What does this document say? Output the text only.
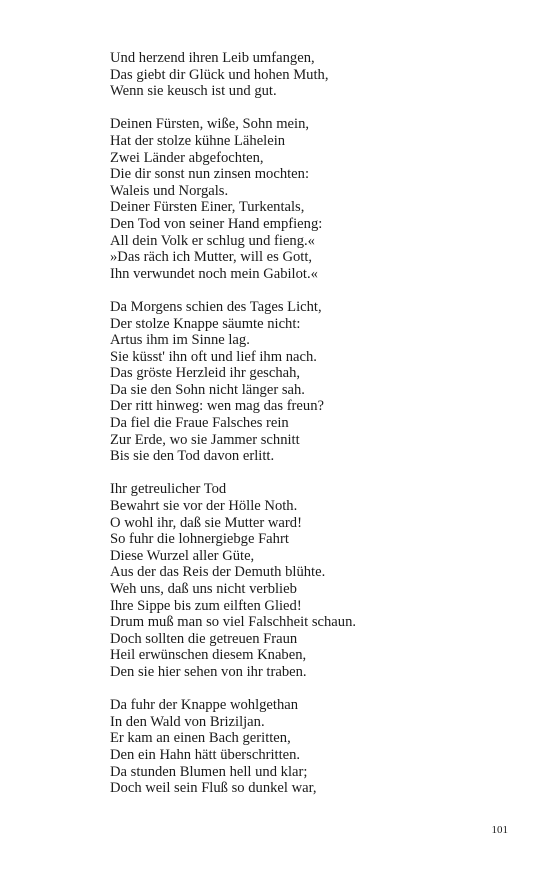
Und herzend ihren Leib umfangen,
Das giebt dir Glück und hohen Muth,
Wenn sie keusch ist und gut.
Deinen Fürsten, wiße, Sohn mein,
Hat der stolze kühne Lähelein
Zwei Länder abgefochten,
Die dir sonst nun zinsen mochten:
Waleis und Norgals.
Deiner Fürsten Einer, Turkentals,
Den Tod von seiner Hand empfieng:
All dein Volk er schlug und fieng.«
»Das räch ich Mutter, will es Gott,
Ihn verwundet noch mein Gabilot.«
Da Morgens schien des Tages Licht,
Der stolze Knappe säumte nicht:
Artus ihm im Sinne lag.
Sie küsst' ihn oft und lief ihm nach.
Das gröste Herzleid ihr geschah,
Da sie den Sohn nicht länger sah.
Der ritt hinweg: wen mag das freun?
Da fiel die Fraue Falsches rein
Zur Erde, wo sie Jammer schnitt
Bis sie den Tod davon erlitt.
Ihr getreulicher Tod
Bewahrt sie vor der Hölle Noth.
O wohl ihr, daß sie Mutter ward!
So fuhr die lohnergiebge Fahrt
Diese Wurzel aller Güte,
Aus der das Reis der Demuth blühte.
Weh uns, daß uns nicht verblieb
Ihre Sippe bis zum eilften Glied!
Drum muß man so viel Falschheit schaun.
Doch sollten die getreuen Fraun
Heil erwünschen diesem Knaben,
Den sie hier sehen von ihr traben.
Da fuhr der Knappe wohlgethan
In den Wald von Briziljan.
Er kam an einen Bach geritten,
Den ein Hahn hätt überschritten.
Da stunden Blumen hell und klar;
Doch weil sein Fluß so dunkel war,
101
